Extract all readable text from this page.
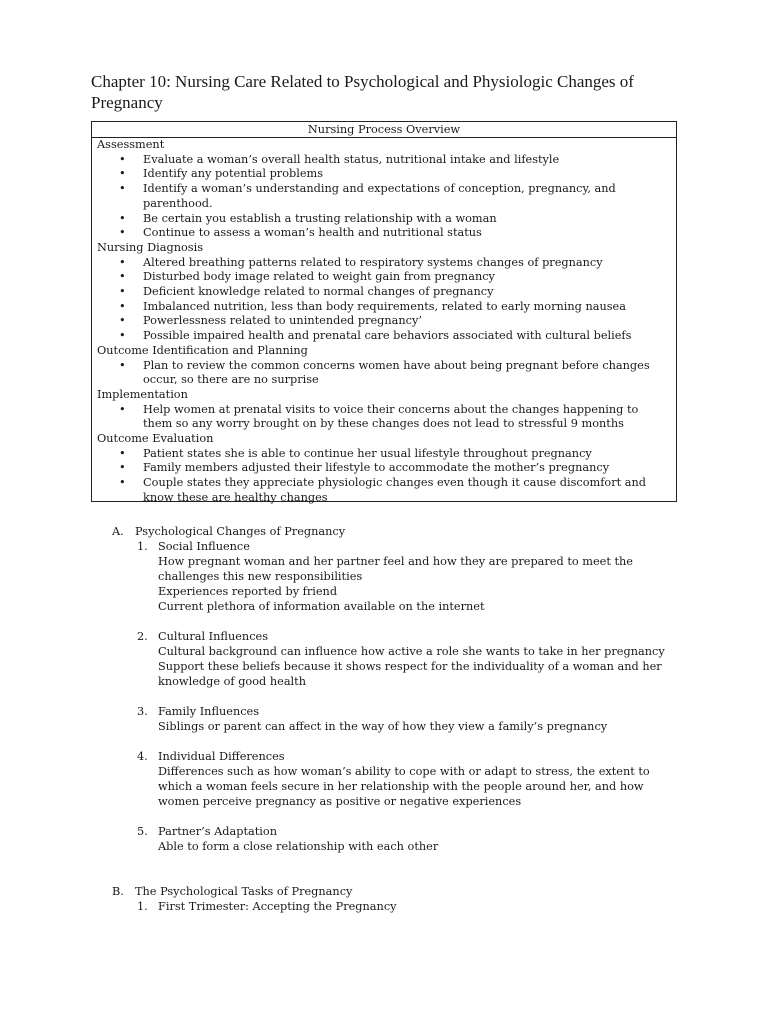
Chapter 10: Nursing Care Related to Psychological and Physiologic Changes of Pregnancy
Nursing Process Overview
Assessment
• Evaluate a woman’s overall health status, nutritional intake and lifestyle
• Identify any potential problems
• Identify a woman’s understanding and expectations of conception, pregnancy, and parenthood.
• Be certain you establish a trusting relationship with a woman
• Continue to assess a woman’s health and nutritional status
Nursing Diagnosis
• Altered breathing patterns related to respiratory systems changes of pregnancy
• Disturbed body image related to weight gain from pregnancy
• Deficient knowledge related to normal changes of pregnancy
• Imbalanced nutrition, less than body requirements, related to early morning nausea
• Powerlessness related to unintended pregnancy’
• Possible impaired health and prenatal care behaviors associated with cultural beliefs
Outcome Identification and Planning
• Plan to review the common concerns women have about being pregnant before changes occur, so there are no surprise
Implementation
• Help women at prenatal visits to voice their concerns about the changes happening to them so any worry brought on by these changes does not lead to stressful 9 months
Outcome Evaluation
• Patient states she is able to continue her usual lifestyle throughout pregnancy
• Family members adjusted their lifestyle to accommodate the mother’s pregnancy
• Couple states they appreciate physiologic changes even though it cause discomfort and know these are healthy changes
A. Psychological Changes of Pregnancy
1. Social Influence
How pregnant woman and her partner feel and how they are prepared to meet the challenges this new responsibilities
Experiences reported by friend
Current plethora of information available on the internet
2. Cultural Influences
Cultural background can influence how active a role she wants to take in her pregnancy
Support these beliefs because it shows respect for the individuality of a woman and her knowledge of good health
3. Family Influences
Siblings or parent can affect in the way of how they view a family’s pregnancy
4. Individual Differences
Differences such as how woman’s ability to cope with or adapt to stress, the extent to which a woman feels secure in her relationship with the people around her, and how women perceive pregnancy as positive or negative experiences
5. Partner’s Adaptation
Able to form a close relationship with each other
B. The Psychological Tasks of Pregnancy
1. First Trimester: Accepting the Pregnancy
